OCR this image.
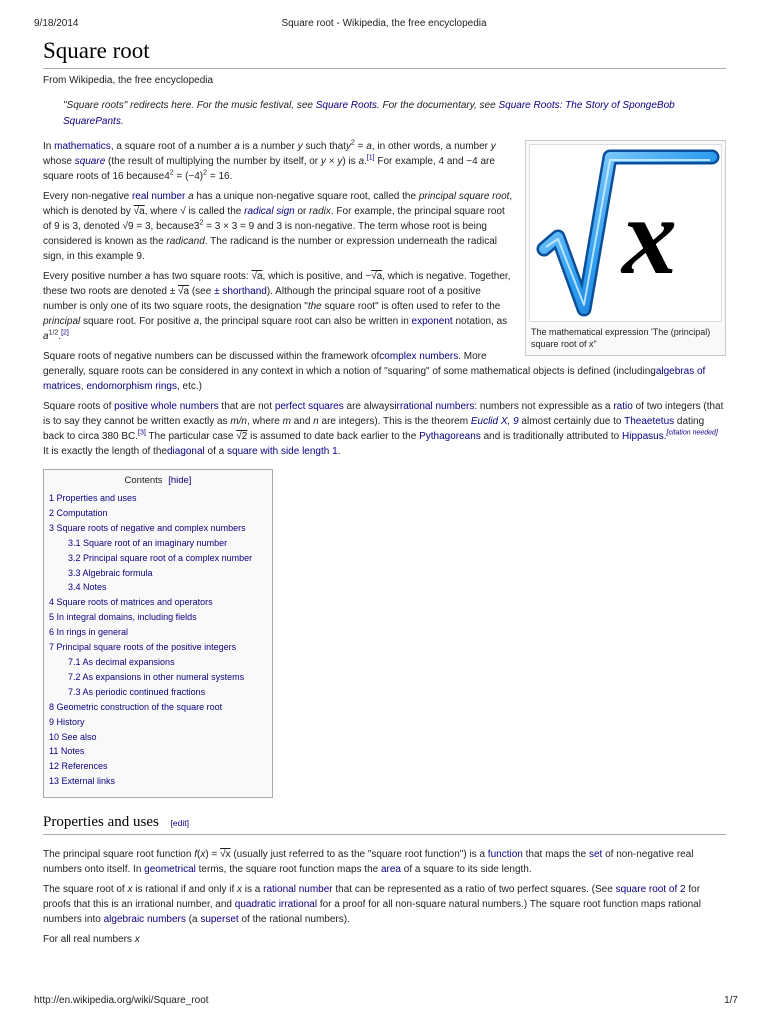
9/18/2014	Square root - Wikipedia, the free encyclopedia
Square root
From Wikipedia, the free encyclopedia
"Square roots" redirects here. For the music festival, see Square Roots. For the documentary, see Square Roots: The Story of SpongeBob SquarePants.
x
The mathematical expression 'The (principal) square root of x"

In mathematics, a square root of a number a is a number y such thaty$^2$ = a, in other words, a number y whose square (the result of multiplying the number by itself, or y × y) is a.[1] For example, 4 and −4 are square roots of 16 $because4^2 = (-4)^2 = 16$.

Every non-negative real number a has a unique non-negative square root, called the principal square root, which is denoted by √a, where √ is called the radical sign or radix. For example, the principal square root of 9 is 3, denoted √9 = 3, $because3^2 = 3 \times 3 = 9$ and 3 is non-negative. The term whose root is being considered is known as the radicand. The radicand is the number or expression underneath the radical sign, in this example 9.

Every positive number a has two square roots: √a, which is positive, and −√a, which is negative. Together, these two roots are denoted ± √a (see ± shorthand). Although the principal square root of a positive number is only one of its two square roots, the designation "the square root" is often used to refer to the principal square root. For positive a, the principal square root can also be written in exponent notation, as $a^{1/2}.[2]$

Square roots of negative numbers can be discussed within the framework ofcomplex numbers. More generally, square roots can be considered in any context in which a notion of "squaring" of some mathematical objects is defined (includingalgebras of matrices, endomorphism rings, etc.)

Square roots of positive whole numbers that are not perfect squares are alwaysirrational numbers: numbers not expressible as a ratio of two integers (that is to say they cannot be written exactly as m/n, where m and n are integers). This is the theorem Euclid X, 9 almost certainly due to Theaetetus dating back to circa 380 BC.[3] The particular case √2 is assumed to date back earlier to the Pythagoreans and is traditionally attributed to Hippasus.[citation needed] It is exactly the length of thediagonal of a square with side length 1.

Contents [hide]
1 Properties and uses
2 Computation
3 Square roots of negative and complex numbers
3.1 Square root of an imaginary number
3.2 Principal square root of a complex number
3.3 Algebraic formula
3.4 Notes
4 Square roots of matrices and operators
5 In integral domains, including fields
6 In rings in general
7 Principal square roots of the positive integers
7.1 As decimal expansions
7.2 As expansions in other numeral systems
7.3 As periodic continued fractions
8 Geometric construction of the square root
9 History
10 See also
11 Notes
12 References
13 External links
Properties and uses [edit]

The principal square root function f(x) = √x (usually just referred to as the "square root function") is a function that maps the set of non-negative real numbers onto itself. In geometrical terms, the square root function maps the area of a square to its side length.

The square root of x is rational if and only if x is a rational number that can be represented as a ratio of two perfect squares. (See square root of 2 for proofs that this is an irrational number, and quadratic irrational for a proof for all non-square natural numbers.) The square root function maps rational numbers into algebraic numbers (a superset of the rational numbers).

For all real numbers x

http://en.wikipedia.org/wiki/Square_root	1/7
